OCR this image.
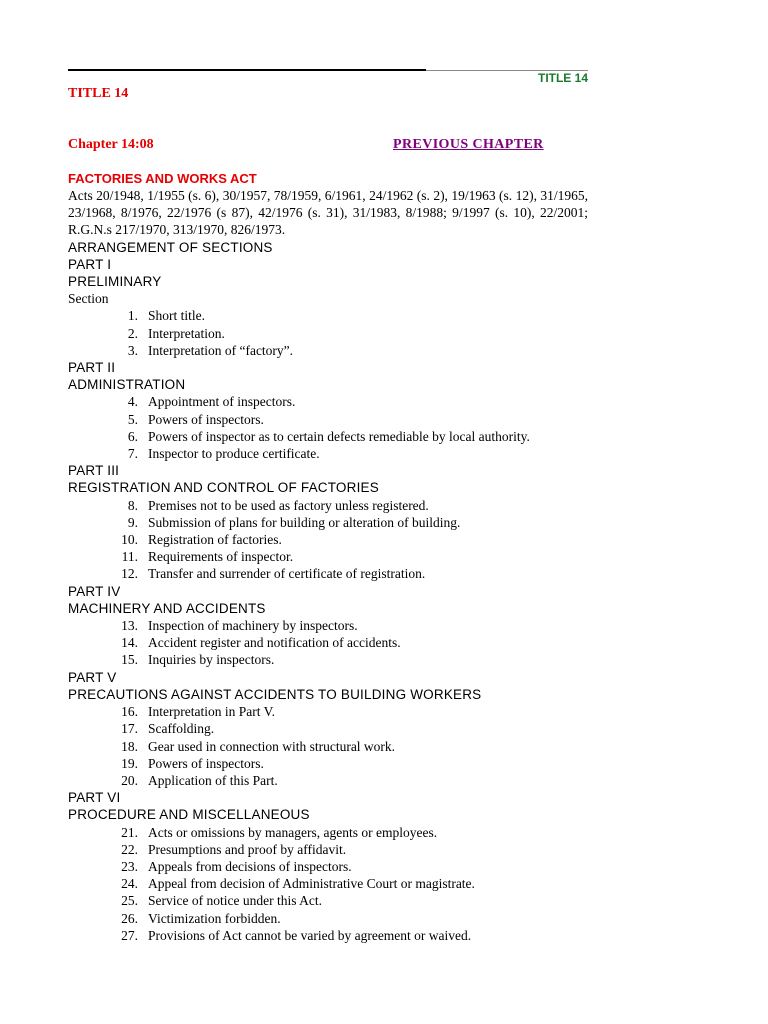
TITLE 14
TITLE 14
Chapter 14:08	PREVIOUS CHAPTER
FACTORIES AND WORKS ACT
Acts 20/1948, 1/1955 (s. 6), 30/1957, 78/1959, 6/1961, 24/1962 (s. 2), 19/1963 (s. 12), 31/1965, 23/1968, 8/1976, 22/1976 (s 87), 42/1976 (s. 31), 31/1983, 8/1988; 9/1997 (s. 10), 22/2001; R.G.N.s 217/1970, 313/1970, 826/1973.
ARRANGEMENT OF SECTIONS
PART I
PRELIMINARY
Section
1. Short title.
2. Interpretation.
3. Interpretation of “factory”.
PART II
ADMINISTRATION
4. Appointment of inspectors.
5. Powers of inspectors.
6. Powers of inspector as to certain defects remediable by local authority.
7. Inspector to produce certificate.
PART III
REGISTRATION AND CONTROL OF FACTORIES
8. Premises not to be used as factory unless registered.
9. Submission of plans for building or alteration of building.
10. Registration of factories.
11. Requirements of inspector.
12. Transfer and surrender of certificate of registration.
PART IV
MACHINERY AND ACCIDENTS
13. Inspection of machinery by inspectors.
14. Accident register and notification of accidents.
15. Inquiries by inspectors.
PART V
PRECAUTIONS AGAINST ACCIDENTS TO BUILDING WORKERS
16. Interpretation in Part V.
17. Scaffolding.
18. Gear used in connection with structural work.
19. Powers of inspectors.
20. Application of this Part.
PART VI
PROCEDURE AND MISCELLANEOUS
21. Acts or omissions by managers, agents or employees.
22. Presumptions and proof by affidavit.
23. Appeals from decisions of inspectors.
24. Appeal from decision of Administrative Court or magistrate.
25. Service of notice under this Act.
26. Victimization forbidden.
27. Provisions of Act cannot be varied by agreement or waived.
